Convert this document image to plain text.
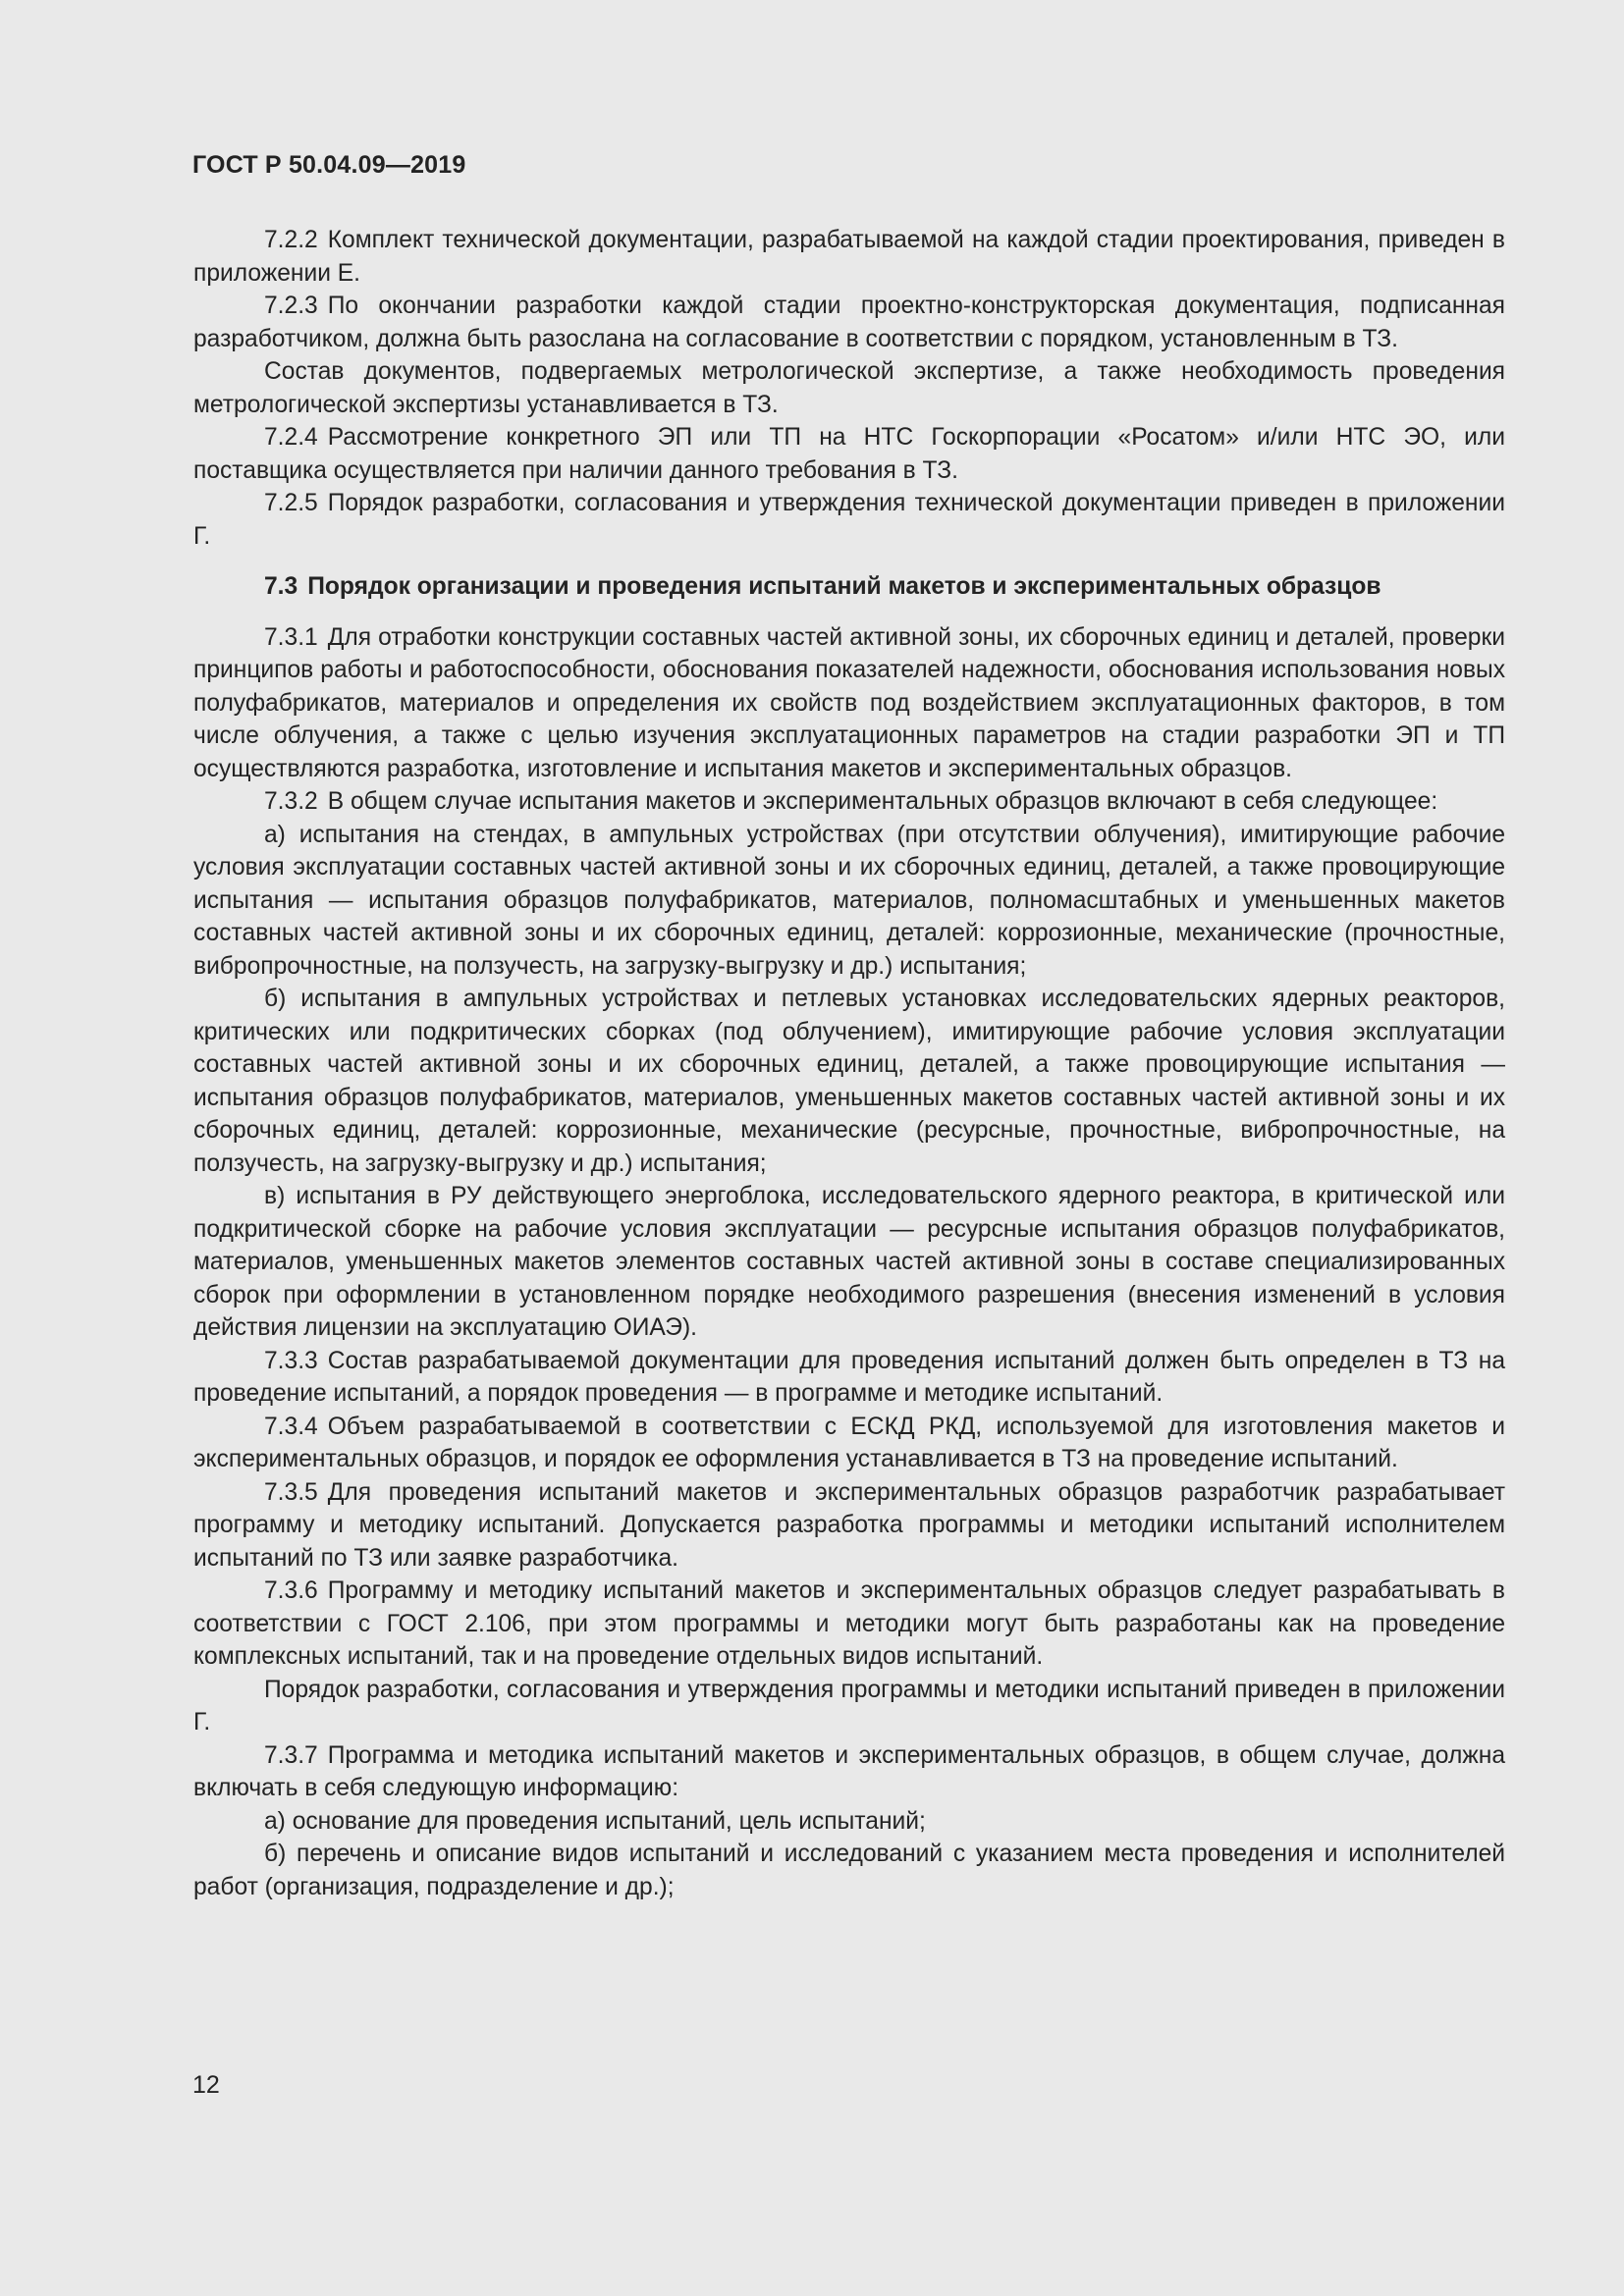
ГОСТ Р 50.04.09—2019

7.2.2 Комплект технической документации, разрабатываемой на каждой стадии проектирования, приведен в приложении Е.

7.2.3 По окончании разработки каждой стадии проектно-конструкторская документация, подписанная разработчиком, должна быть разослана на согласование в соответствии с порядком, установленным в ТЗ.

Состав документов, подвергаемых метрологической экспертизе, а также необходимость проведения метрологической экспертизы устанавливается в ТЗ.

7.2.4 Рассмотрение конкретного ЭП или ТП на НТС Госкорпорации «Росатом» и/или НТС ЭО, или поставщика осуществляется при наличии данного требования в ТЗ.

7.2.5 Порядок разработки, согласования и утверждения технической документации приведен в приложении Г.

7.3 Порядок организации и проведения испытаний макетов и экспериментальных образцов

7.3.1 Для отработки конструкции составных частей активной зоны, их сборочных единиц и деталей, проверки принципов работы и работоспособности, обоснования показателей надежности, обоснования использования новых полуфабрикатов, материалов и определения их свойств под воздействием эксплуатационных факторов, в том числе облучения, а также с целью изучения эксплуатационных параметров на стадии разработки ЭП и ТП осуществляются разработка, изготовление и испытания макетов и экспериментальных образцов.

7.3.2 В общем случае испытания макетов и экспериментальных образцов включают в себя следующее:

а) испытания на стендах, в ампульных устройствах (при отсутствии облучения), имитирующие рабочие условия эксплуатации составных частей активной зоны и их сборочных единиц, деталей, а также провоцирующие испытания — испытания образцов полуфабрикатов, материалов, полномасштабных и уменьшенных макетов составных частей активной зоны и их сборочных единиц, деталей: коррозионные, механические (прочностные, вибропрочностные, на ползучесть, на загрузку-выгрузку и др.) испытания;

б) испытания в ампульных устройствах и петлевых установках исследовательских ядерных реакторов, критических или подкритических сборках (под облучением), имитирующие рабочие условия эксплуатации составных частей активной зоны и их сборочных единиц, деталей, а также провоцирующие испытания — испытания образцов полуфабрикатов, материалов, уменьшенных макетов составных частей активной зоны и их сборочных единиц, деталей: коррозионные, механические (ресурсные, прочностные, вибропрочностные, на ползучесть, на загрузку-выгрузку и др.) испытания;

в) испытания в РУ действующего энергоблока, исследовательского ядерного реактора, в критической или подкритической сборке на рабочие условия эксплуатации — ресурсные испытания образцов полуфабрикатов, материалов, уменьшенных макетов элементов составных частей активной зоны в составе специализированных сборок при оформлении в установленном порядке необходимого разрешения (внесения изменений в условия действия лицензии на эксплуатацию ОИАЭ).

7.3.3 Состав разрабатываемой документации для проведения испытаний должен быть определен в ТЗ на проведение испытаний, а порядок проведения — в программе и методике испытаний.

7.3.4 Объем разрабатываемой в соответствии с ЕСКД РКД, используемой для изготовления макетов и экспериментальных образцов, и порядок ее оформления устанавливается в ТЗ на проведение испытаний.

7.3.5 Для проведения испытаний макетов и экспериментальных образцов разработчик разрабатывает программу и методику испытаний. Допускается разработка программы и методики испытаний исполнителем испытаний по ТЗ или заявке разработчика.

7.3.6 Программу и методику испытаний макетов и экспериментальных образцов следует разрабатывать в соответствии с ГОСТ 2.106, при этом программы и методики могут быть разработаны как на проведение комплексных испытаний, так и на проведение отдельных видов испытаний.

Порядок разработки, согласования и утверждения программы и методики испытаний приведен в приложении Г.

7.3.7 Программа и методика испытаний макетов и экспериментальных образцов, в общем случае, должна включать в себя следующую информацию:

а) основание для проведения испытаний, цель испытаний;

б) перечень и описание видов испытаний и исследований с указанием места проведения и исполнителей работ (организация, подразделение и др.);

12
